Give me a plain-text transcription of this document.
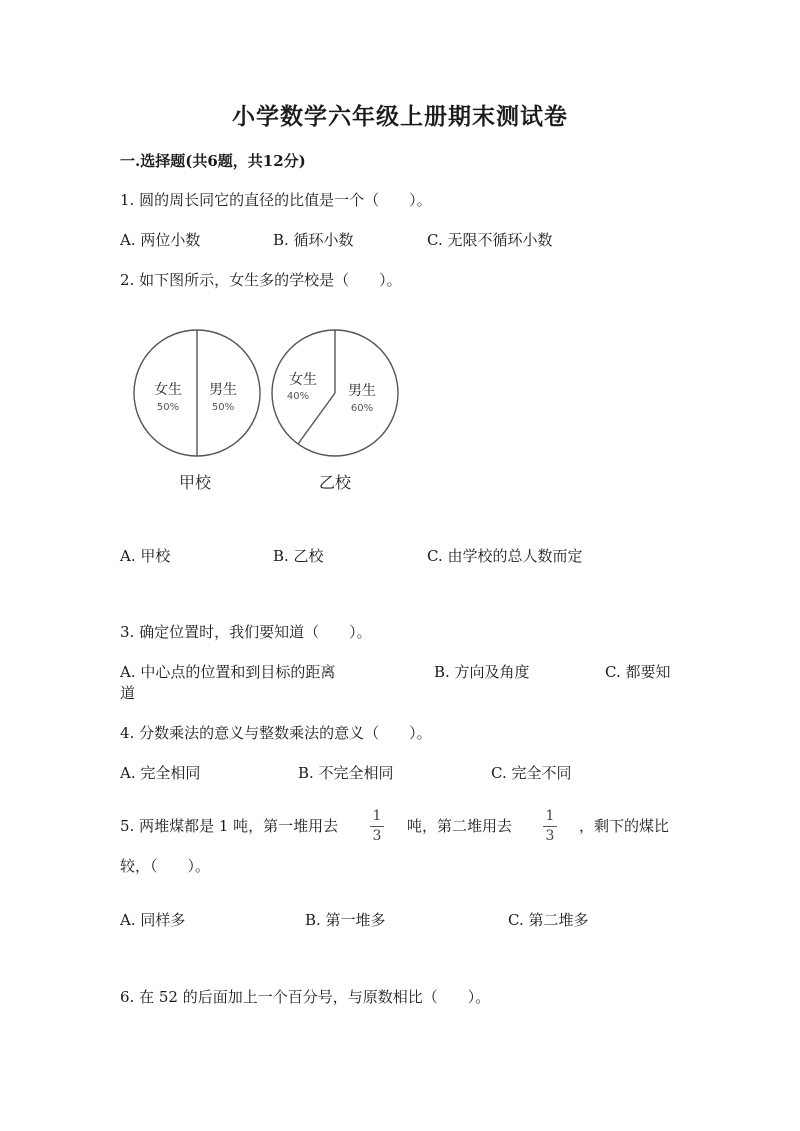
小学数学六年级上册期末测试卷
一.选择题(共6题，共12分)
1. 圆的周长同它的直径的比值是一个（　　）。
A. 两位小数	B. 循环小数	C. 无限不循环小数
2. 如下图所示，女生多的学校是（　　）。
女生
50%
男生
50%
甲校
女生
40%	男生
60%
乙校
A. 甲校	B. 乙校	C. 由学校的总人数而定
3. 确定位置时，我们要知道（　　）。
A. 中心点的位置和到目标的距离	B. 方向及角度	C. 都要知
道
4. 分数乘法的意义与整数乘法的意义（　　）。
A. 完全相同	B. 不完全相同	C. 完全不同
5. 两堆煤都是 1 吨，第一堆用去
1
3
吨，第二堆用去
1
3
，剩下的煤比
较，（　　）。
A. 同样多	B. 第一堆多	C. 第二堆多
6. 在 52 的后面加上一个百分号，与原数相比（　　）。
